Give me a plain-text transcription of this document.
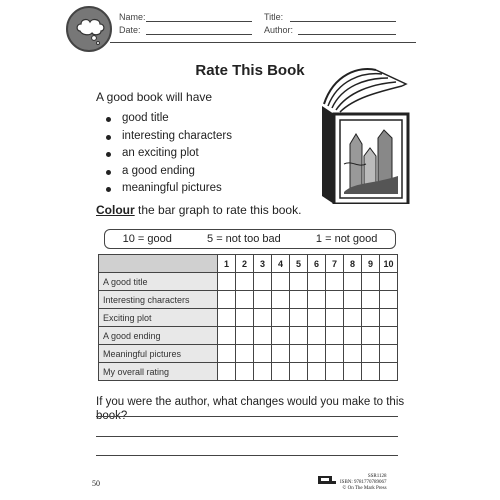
Name:
Date:
Title:
Author:
Rate This Book
A good book will have
good title
interesting characters
an exciting plot
a good ending
meaningful pictures
Colour the bar graph to rate this book.
10 = good	5 = not too bad	1 = not good
	1	2	3	4	5	6	7	8	9	10
A good title										
Interesting characters										
Exciting plot										
A good ending										
Meaningful pictures										
My overall rating										
If you were the author, what changes would you make to this book?
50
SSR1128
ISBN: 9781770789067
© On The Mark Press
